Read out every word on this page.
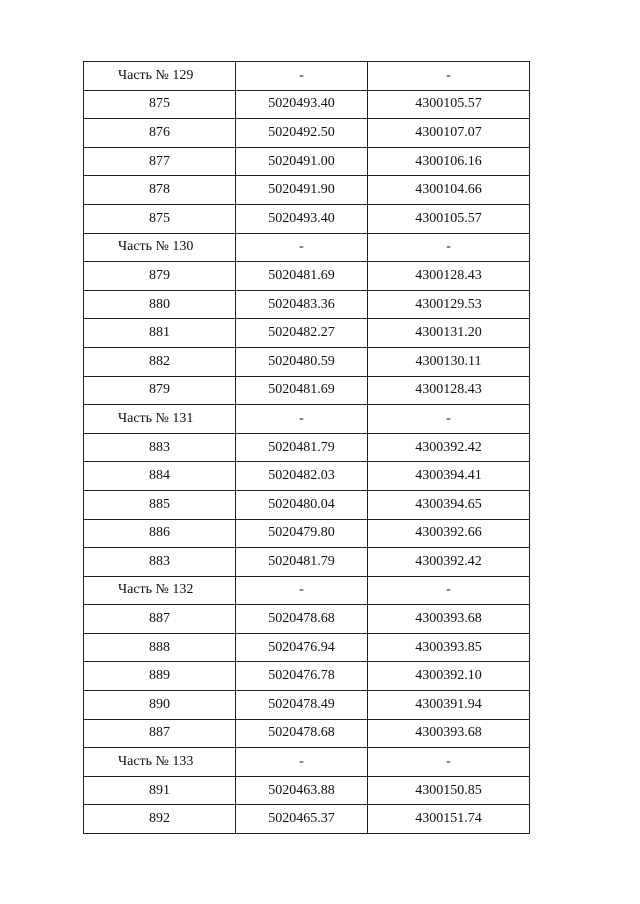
Часть № 129	-	-
875	5020493.40	4300105.57
876	5020492.50	4300107.07
877	5020491.00	4300106.16
878	5020491.90	4300104.66
875	5020493.40	4300105.57
Часть № 130	-	-
879	5020481.69	4300128.43
880	5020483.36	4300129.53
881	5020482.27	4300131.20
882	5020480.59	4300130.11
879	5020481.69	4300128.43
Часть № 131	-	-
883	5020481.79	4300392.42
884	5020482.03	4300394.41
885	5020480.04	4300394.65
886	5020479.80	4300392.66
883	5020481.79	4300392.42
Часть № 132	-	-
887	5020478.68	4300393.68
888	5020476.94	4300393.85
889	5020476.78	4300392.10
890	5020478.49	4300391.94
887	5020478.68	4300393.68
Часть № 133	-	-
891	5020463.88	4300150.85
892	5020465.37	4300151.74
